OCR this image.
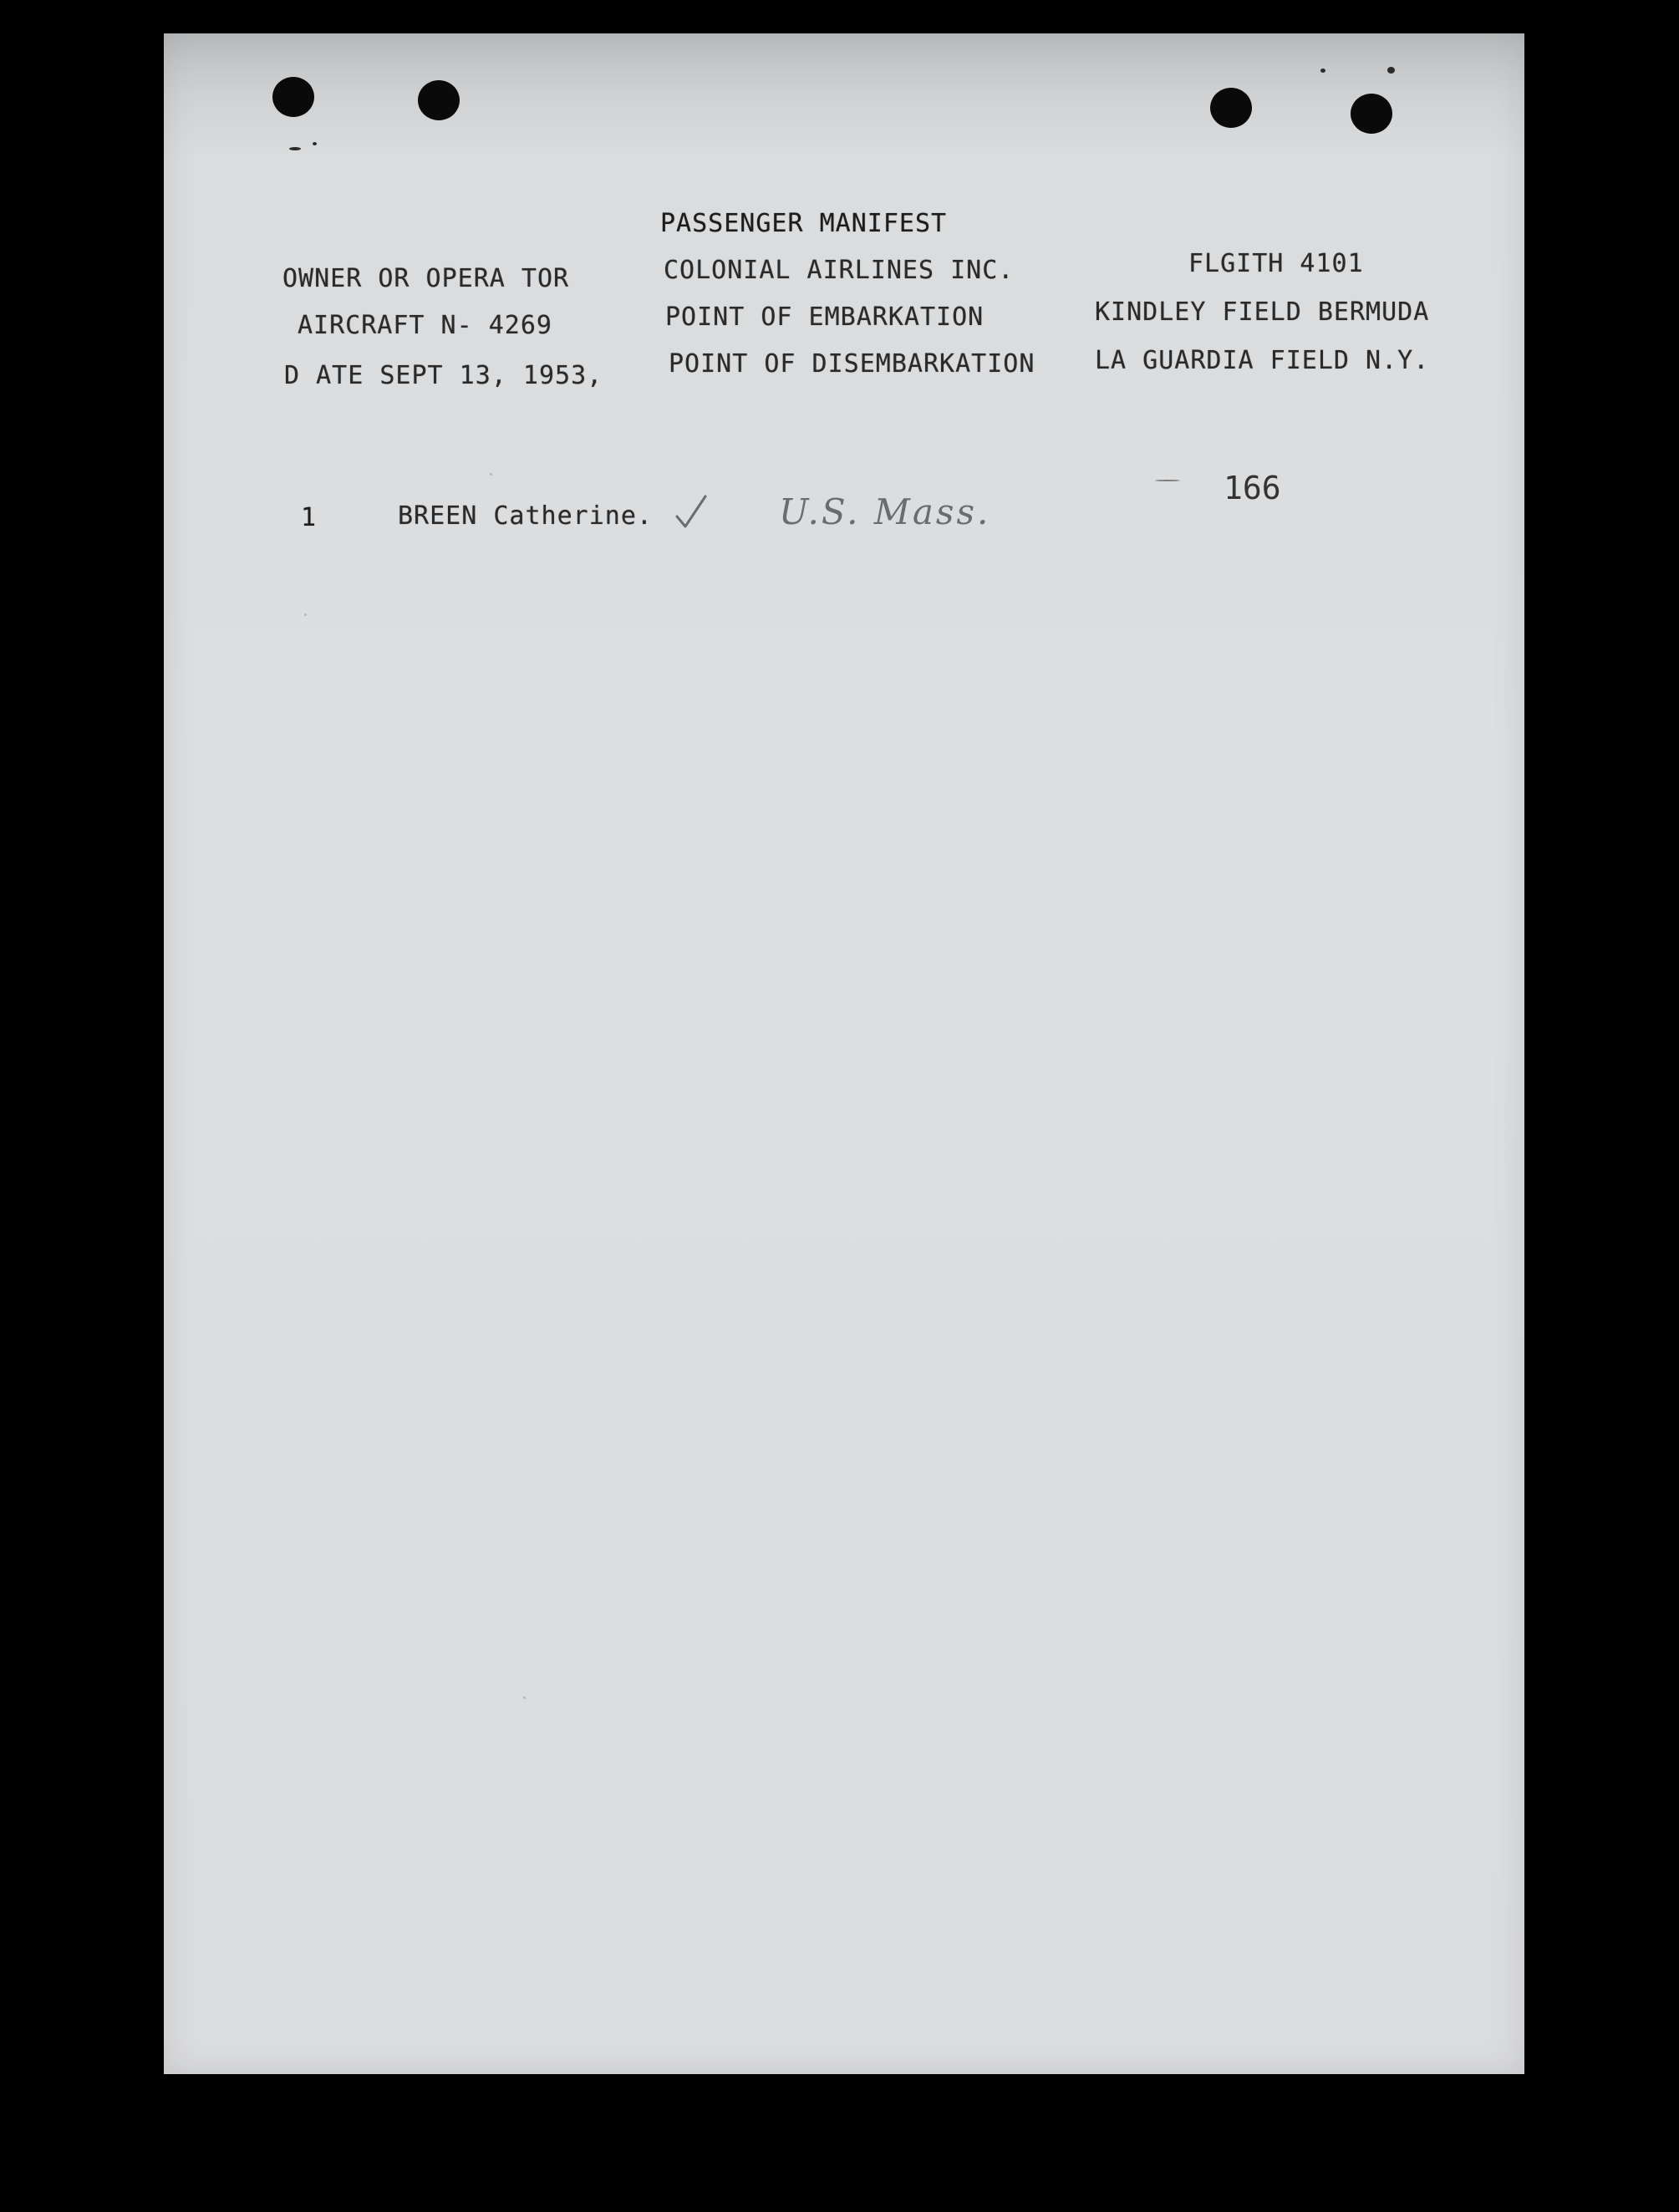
PASSENGER MANIFEST
OWNER OR OPERA TOR
AIRCRAFT N- 4269
D ATE SEPT 13, 1953,
COLONIAL AIRLINES INC.
POINT OF EMBARKATION
POINT OF DISEMBARKATION
FLGITH 4101
KINDLEY FIELD BERMUDA
LA GUARDIA FIELD N.Y.
166
1	BREEN Catherine.	U.S. Mass.
